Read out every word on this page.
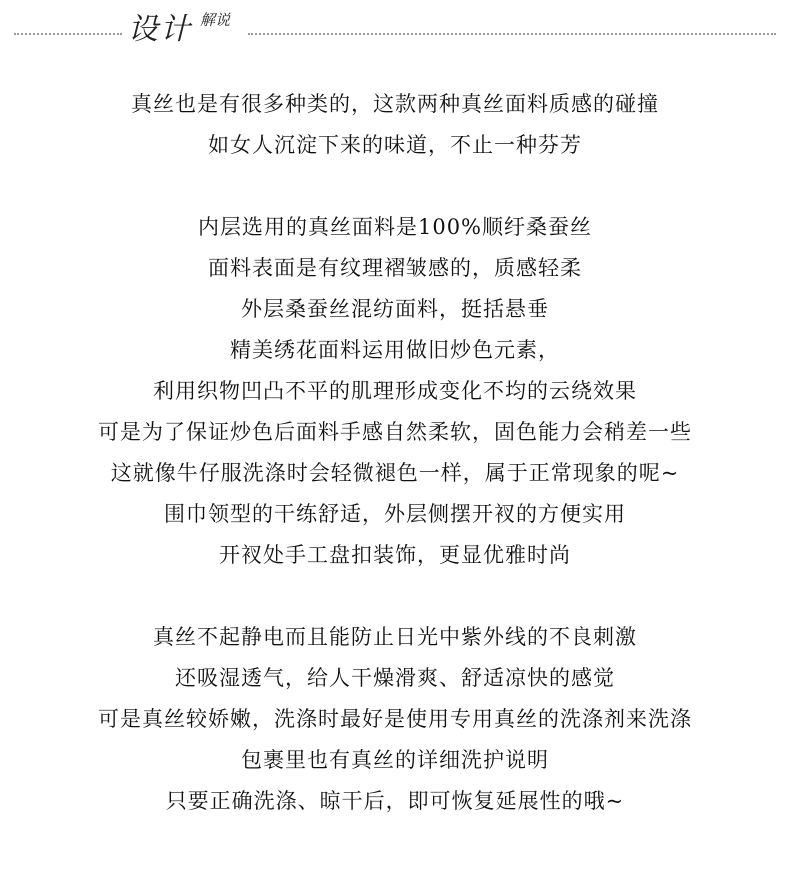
设计 解说
真丝也是有很多种类的，这款两种真丝面料质感的碰撞
如女人沉淀下来的味道，不止一种芬芳
内层选用的真丝面料是100%顺纡桑蚕丝
面料表面是有纹理褶皱感的，质感轻柔
外层桑蚕丝混纺面料，挺括悬垂
精美绣花面料运用做旧炒色元素，
利用织物凹凸不平的肌理形成变化不均的云绕效果
可是为了保证炒色后面料手感自然柔软，固色能力会稍差一些
这就像牛仔服洗涤时会轻微褪色一样，属于正常现象的呢~
围巾领型的干练舒适，外层侧摆开衩的方便实用
开衩处手工盘扣装饰，更显优雅时尚
真丝不起静电而且能防止日光中紫外线的不良刺激
还吸湿透气，给人干燥滑爽、舒适凉快的感觉
可是真丝较娇嫩，洗涤时最好是使用专用真丝的洗涤剂来洗涤
包裹里也有真丝的详细洗护说明
只要正确洗涤、晾干后，即可恢复延展性的哦~
